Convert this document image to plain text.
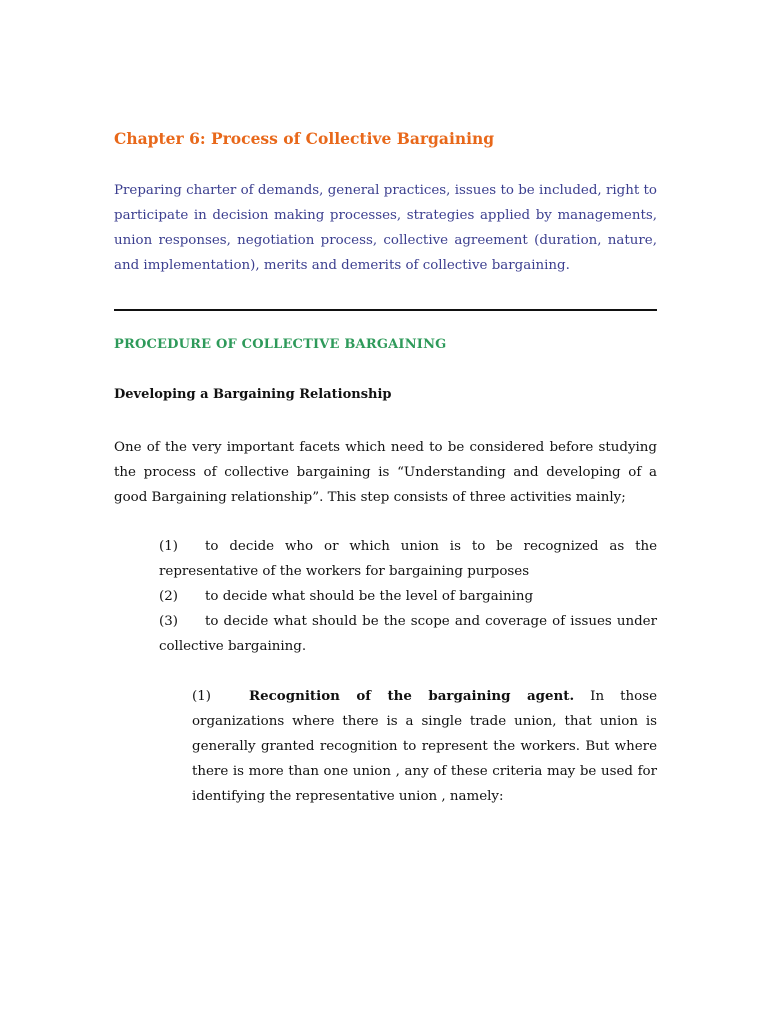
Chapter 6: Process of Collective Bargaining
Preparing charter of demands, general practices, issues to be included, right to participate in decision making processes, strategies applied by managements, union responses, negotiation process, collective agreement (duration, nature, and implementation), merits and demerits of collective bargaining.
PROCEDURE OF COLLECTIVE BARGAINING
Developing a Bargaining Relationship
One of the very important facets which need to be considered before studying the process of collective bargaining is “Understanding and developing of a good Bargaining relationship”. This step consists of three activities mainly;
(1) to decide who or which union is to be recognized as the representative of the workers for bargaining purposes
(2) to decide what should be the level of bargaining
(3) to decide what should be the scope and coverage of issues under collective bargaining.
(1)	Recognition of the bargaining agent. In those organizations where there is a single trade union, that union is generally granted recognition to represent the workers. But where there is more than one union , any of these criteria may be used for identifying the representative union , namely:
